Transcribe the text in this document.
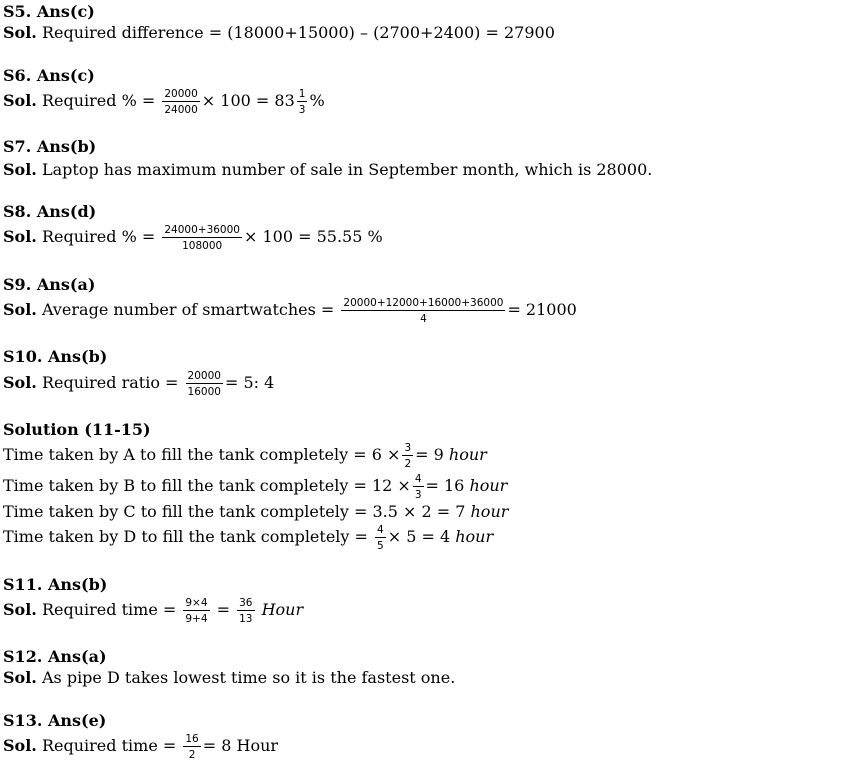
S5. Ans(c)
Sol. Required difference = (18000+15000) – (2700+2400) = 27900
S6. Ans(c)
Sol. Required % = $\frac{20000}{24000} \times 100 = 83 \frac{1}{3}$ %
S7. Ans(b)
Sol. Laptop has maximum number of sale in September month, which is 28000.
S8. Ans(d)
Sol. Required % = $\frac{24000+36000}{108000} \times 100 = 55.55$ %
S9. Ans(a)
Sol. Average number of smartwatches = $\frac{20000+12000+16000+36000}{4} = 21000$
S10. Ans(b)
Sol. Required ratio = $\frac{20000}{16000} = 5$: 4
Solution (11-15)
Time taken by A to fill the tank completely = $6 \times \frac{3}{2} = 9$ hour
Time taken by B to fill the tank completely = $12 \times \frac{4}{3} = 16$ hour
Time taken by C to fill the tank completely = 3.5 × 2 = 7 hour
Time taken by D to fill the tank completely = $\frac{4}{5} \times 5 = 4$ hour
S11. Ans(b)
Sol. Required time = $\frac{9\times 4}{9+4} = \frac{36}{13}$ Hour
S12. Ans(a)
Sol. As pipe D takes lowest time so it is the fastest one.
S13. Ans(e)
Sol. Required time = $\frac{16}{2} = 8$ Hour
